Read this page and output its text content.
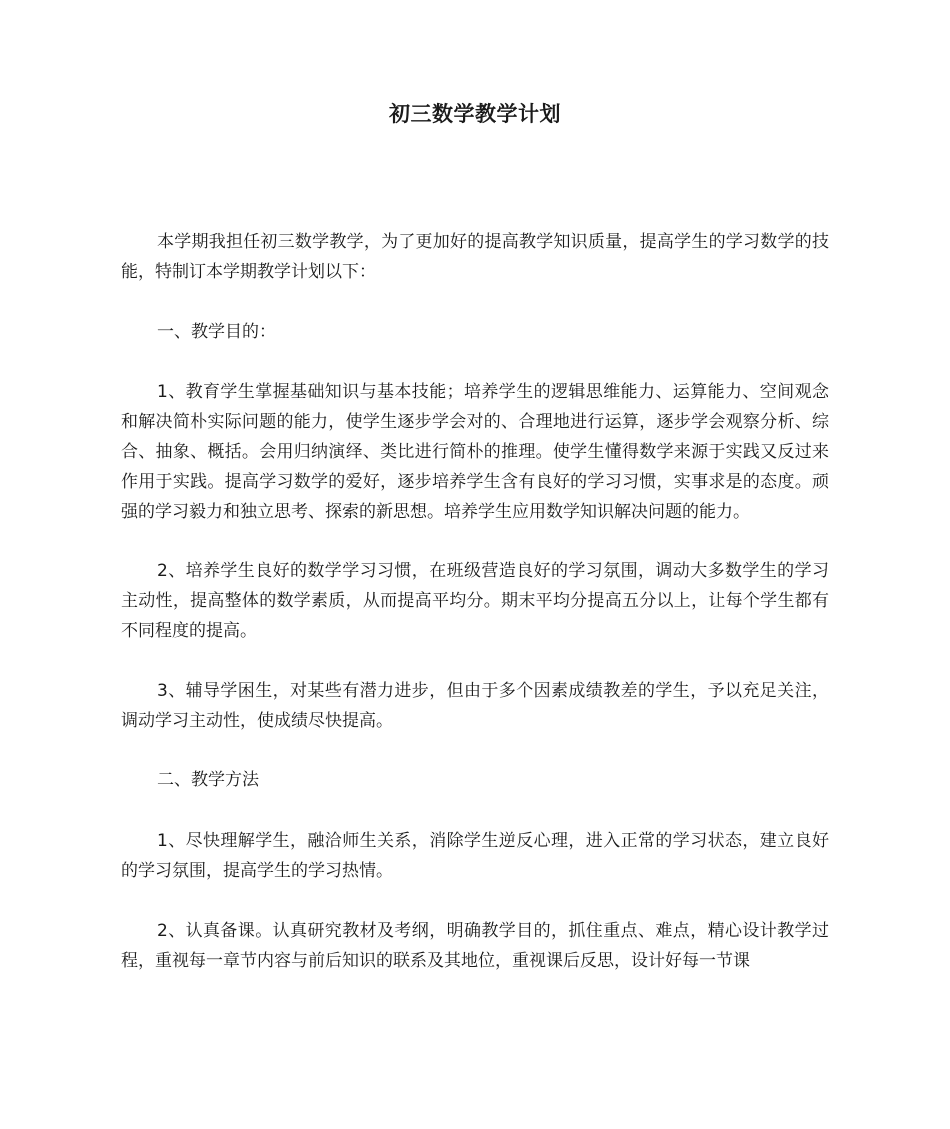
初三数学教学计划

本学期我担任初三数学教学，为了更加好的提高教学知识质量，提高学生的学习数学的技能，特制订本学期教学计划以下：

一、教学目的：

1、教育学生掌握基础知识与基本技能；培养学生的逻辑思维能力、运算能力、空间观念和解决简朴实际问题的能力，使学生逐步学会对的、合理地进行运算，逐步学会观察分析、综合、抽象、概括。会用归纳演绎、类比进行简朴的推理。使学生懂得数学来源于实践又反过来作用于实践。提高学习数学的爱好，逐步培养学生含有良好的学习习惯，实事求是的态度。顽强的学习毅力和独立思考、探索的新思想。培养学生应用数学知识解决问题的能力。

2、培养学生良好的数学学习习惯，在班级营造良好的学习氛围，调动大多数学生的学习主动性，提高整体的数学素质，从而提高平均分。期末平均分提高五分以上，让每个学生都有不同程度的提高。

3、辅导学困生，对某些有潜力进步，但由于多个因素成绩教差的学生，予以充足关注，调动学习主动性，使成绩尽快提高。

二、教学方法

1、尽快理解学生，融洽师生关系，消除学生逆反心理，进入正常的学习状态，建立良好的学习氛围，提高学生的学习热情。

2、认真备课。认真研究教材及考纲，明确教学目的，抓住重点、难点，精心设计教学过程，重视每一章节内容与前后知识的联系及其地位，重视课后反思，设计好每一节课
